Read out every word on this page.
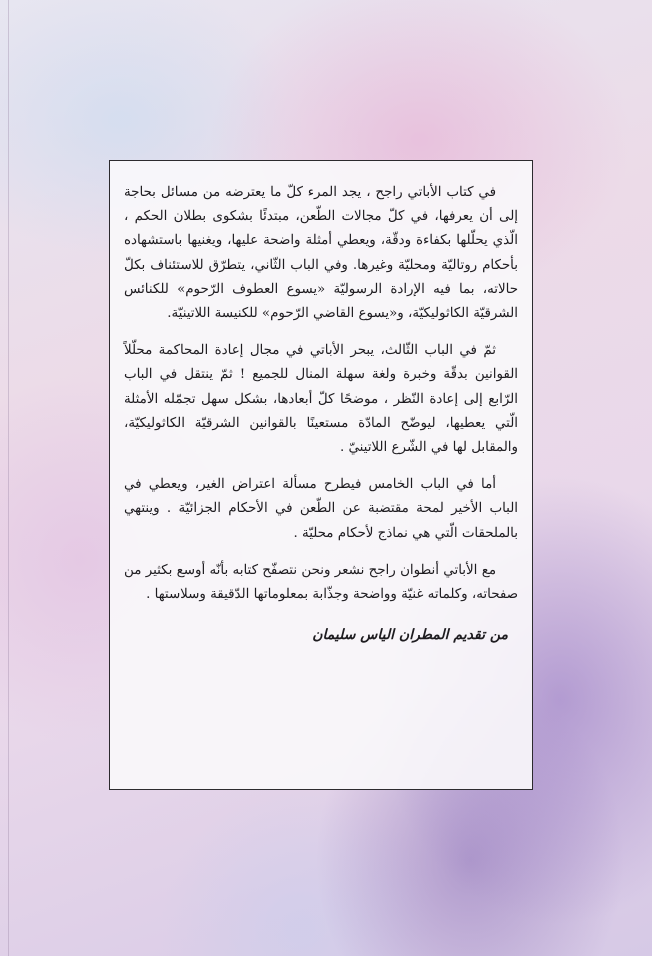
في كتاب الأباتي راجح ، يجد المرء كلّ ما يعترضه من مسائل بحاجة إلى أن يعرفها، في كلّ مجالات الطّعن، مبتدئًا بشكوى بطلان الحكم ، الّذي يحلّلها بكفاءة ودقّة، ويعطي أمثلة واضحة عليها، ويغنيها باستشهاده بأحكام روتاليّة ومحليّة وغيرها. وفي الباب الثّاني، يتطرّق للاستئناف بكلّ حالاته، بما فيه الإرادة الرسوليّة «يسوع العطوف الرّحوم» للكنائس الشرقيّة الكاثوليكيّة، و«يسوع القاضي الرّحوم» للكنيسة اللاتينيّة.

ثمّ في الباب الثّالث، يبحر الأباتي في مجال إعادة المحاكمة محلّلاً القوانين بدقّة وخبرة ولغة سهلة المنال للجميع ! ثمّ ينتقل في الباب الرّابع إلى إعادة النّظر ، موضحًا كلّ أبعادها، بشكل سهل تجمّله الأمثلة الّتي يعطيها، ليوضّح المادّة مستعينًا بالقوانين الشرقيّة الكاثوليكيّة، والمقابل لها في الشّرع اللاتينيّ .

أما في الباب الخامس فيطرح مسألة اعتراض الغير، ويعطي في الباب الأخير لمحة مقتضبة عن الطّعن في الأحكام الجزائيّة . وينتهي بالملحقات الّتي هي نماذج لأحكام محليّة .

مع الأباتي أنطوان راجح نشعر ونحن نتصفّح كتابه بأنّه أوسع بكثير من صفحاته، وكلماته غنيّة وواضحة وجذّابة بمعلوماتها الدّقيقة وسلاستها .

من تقديم المطران الياس سليمان
